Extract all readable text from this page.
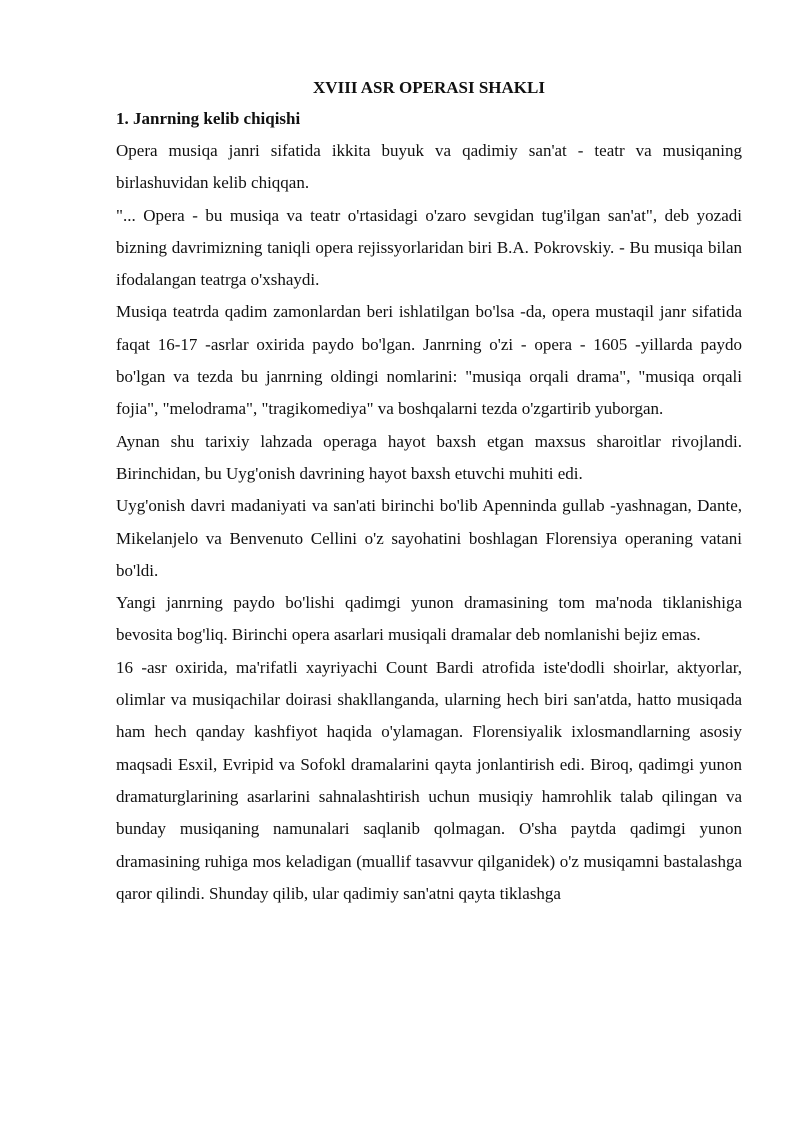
XVIII ASR OPERASI SHAKLI
1. Janrning kelib chiqishi

Opera musiqa janri sifatida ikkita buyuk va qadimiy san'at - teatr va musiqaning birlashuvidan kelib chiqqan.

"... Opera - bu musiqa va teatr o'rtasidagi o'zaro sevgidan tug'ilgan san'at", deb yozadi bizning davrimizning taniqli opera rejissyorlaridan biri B.A. Pokrovskiy. - Bu musiqa bilan ifodalangan teatrga o'xshaydi.

Musiqa teatrda qadim zamonlardan beri ishlatilgan bo'lsa -da, opera mustaqil janr sifatida faqat 16-17 -asrlar oxirida paydo bo'lgan. Janrning o'zi - opera - 1605 -yillarda paydo bo'lgan va tezda bu janrning oldingi nomlarini: "musiqa orqali drama", "musiqa orqali fojia", "melodrama", "tragikomediya" va boshqalarni tezda o'zgartirib yuborgan.

Aynan shu tarixiy lahzada operaga hayot baxsh etgan maxsus sharoitlar rivojlandi. Birinchidan, bu Uyg'onish davrining hayot baxsh etuvchi muhiti edi.

Uyg'onish davri madaniyati va san'ati birinchi bo'lib Apenninda gullab -yashnagan, Dante, Mikelanjelo va Benvenuto Cellini o'z sayohatini boshlagan Florensiya operaning vatani bo'ldi.

Yangi janrning paydo bo'lishi qadimgi yunon dramasining tom ma'noda tiklanishiga bevosita bog'liq. Birinchi opera asarlari musiqali dramalar deb nomlanishi bejiz emas.

16 -asr oxirida, ma'rifatli xayriyachi Count Bardi atrofida iste'dodli shoirlar, aktyorlar, olimlar va musiqachilar doirasi shakllanganda, ularning hech biri san'atda, hatto musiqada ham hech qanday kashfiyot haqida o'ylamagan. Florensiyalik ixlosmandlarning asosiy maqsadi Esxil, Evripid va Sofokl dramalarini qayta jonlantirish edi. Biroq, qadimgi yunon dramaturglarining asarlarini sahnalashtirish uchun musiqiy hamrohlik talab qilingan va bunday musiqaning namunalari saqlanib qolmagan. O'sha paytda qadimgi yunon dramasining ruhiga mos keladigan (muallif tasavvur qilganidek) o'z musiqamni bastalashga qaror qilindi. Shunday qilib, ular qadimiy san'atni qayta tiklashga
